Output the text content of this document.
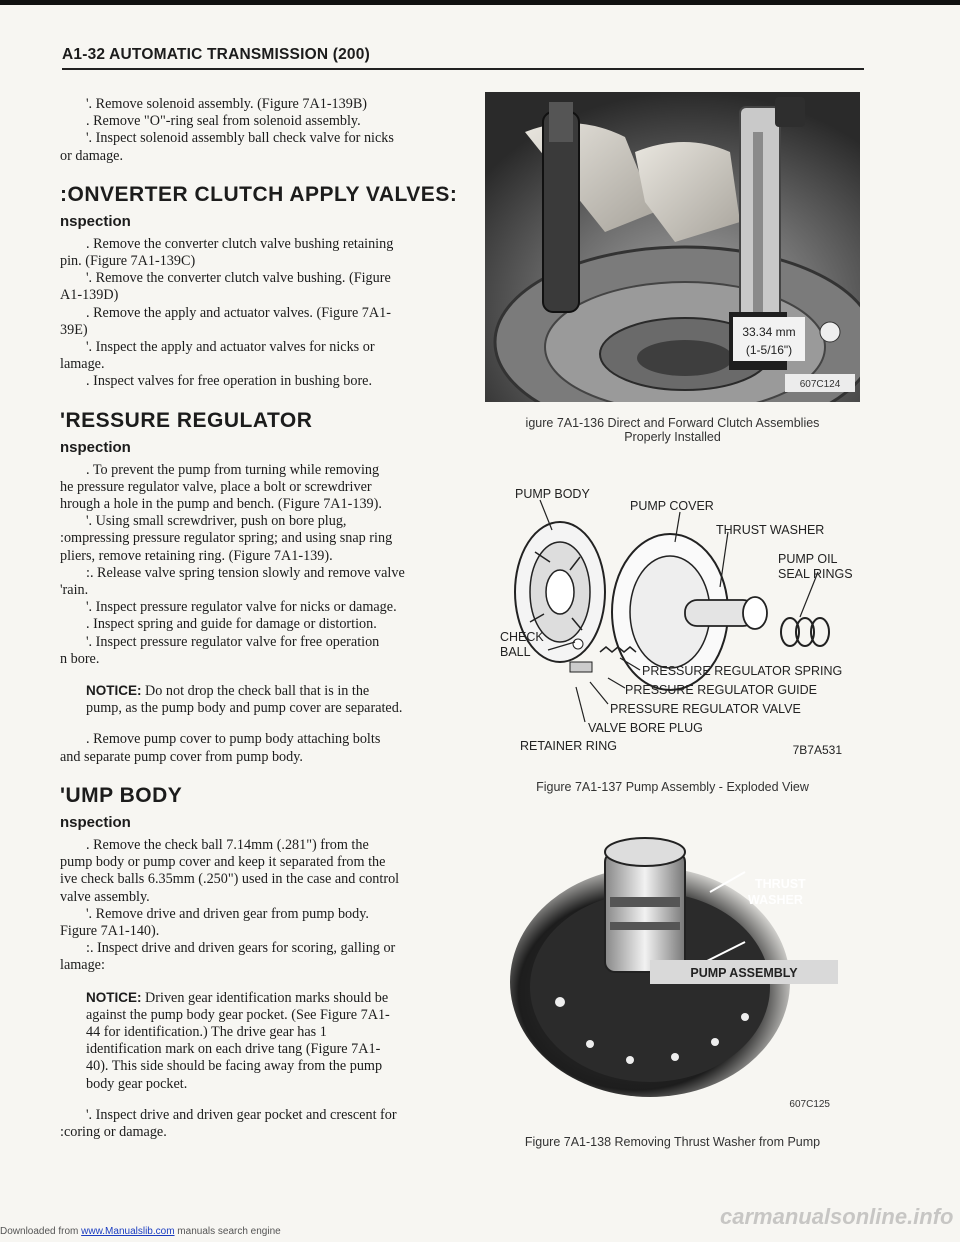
A1-32 AUTOMATIC TRANSMISSION (200)
'. Remove solenoid assembly. (Figure 7A1-139B)
. Remove "O"-ring seal from solenoid assembly.
'. Inspect solenoid assembly ball check valve for nicks
or damage.
:ONVERTER CLUTCH APPLY VALVES:
nspection
. Remove the converter clutch valve bushing retaining
pin. (Figure 7A1-139C)
'. Remove the converter clutch valve bushing. (Figure
A1-139D)
. Remove the apply and actuator valves. (Figure 7A1-
39E)
'. Inspect the apply and actuator valves for nicks or
lamage.
. Inspect valves for free operation in bushing bore.
'RESSURE REGULATOR
nspection
. To prevent the pump from turning while removing
he pressure regulator valve, place a bolt or screwdriver
hrough a hole in the pump and bench. (Figure 7A1-139).
'. Using small screwdriver, push on bore plug,
:ompressing pressure regulator spring; and using snap ring
pliers, remove retaining ring. (Figure 7A1-139).
:. Release valve spring tension slowly and remove valve
'rain.
'. Inspect pressure regulator valve for nicks or damage.
. Inspect spring and guide for damage or distortion.
'. Inspect pressure regulator valve for free operation
n bore.
NOTICE: Do not drop the check ball that is in the
pump, as the pump body and pump cover are separated.
. Remove pump cover to pump body attaching bolts
and separate pump cover from pump body.
'UMP BODY
nspection
. Remove the check ball 7.14mm (.281") from the
pump body or pump cover and keep it separated from the
ive check balls 6.35mm (.250") used in the case and control
valve assembly.
'. Remove drive and driven gear from pump body.
Figure 7A1-140).
:. Inspect drive and driven gears for scoring, galling or
lamage:
NOTICE: Driven gear identification marks should be
against the pump body gear pocket. (See Figure 7A1-
44 for identification.) The drive gear has 1
identification mark on each drive tang (Figure 7A1-
40). This side should be facing away from the pump
body gear pocket.
'. Inspect drive and driven gear pocket and crescent for
:coring or damage.
33.34 mm
(1-5/16")
607C124
igure 7A1-136 Direct and Forward Clutch Assemblies
Properly Installed
PUMP BODY
PUMP COVER
THRUST WASHER
PUMP OIL
SEAL RINGS
CHECK
BALL
PRESSURE REGULATOR SPRING
PRESSURE REGULATOR GUIDE
PRESSURE REGULATOR VALVE
VALVE BORE PLUG
RETAINER RING	7B7A531
Figure 7A1-137 Pump Assembly - Exploded View
THRUST
WASHER
PUMP ASSEMBLY
607C125
Figure 7A1-138 Removing Thrust Washer from Pump
Downloaded from www.Manualslib.com manuals search engine
carmanualsonline.info
